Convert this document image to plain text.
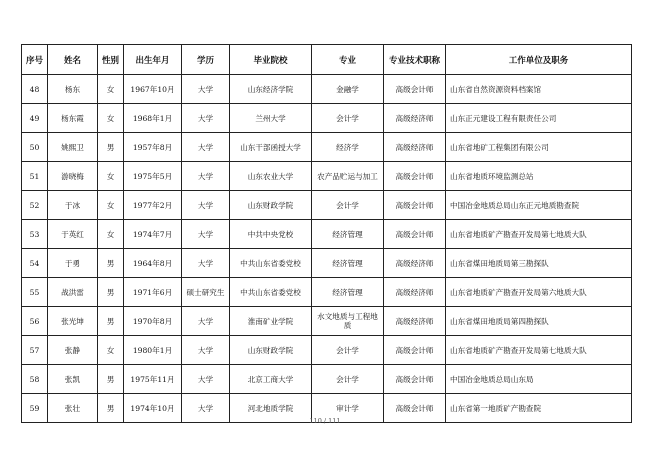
序号	姓名	性别	出生年月	学历	毕业院校	专业	专业技术职称	工作单位及职务
48	杨东	女	1967年10月	大学	山东经济学院	金融学	高级会计师	山东省自然资源资料档案馆
49	杨东霞	女	1968年1月	大学	兰州大学	会计学	高级经济师	山东正元建设工程有限责任公司
50	姚熙卫	男	1957年8月	大学	山东干部函授大学	经济学	高级经济师	山东省地矿工程集团有限公司
51	游晓梅	女	1975年5月	大学	山东农业大学	农产品贮运与加工	高级会计师	山东省地质环境监测总站
52	于冰	女	1977年2月	大学	山东财政学院	会计学	高级会计师	中国冶金地质总局山东正元地质勘查院
53	于英红	女	1974年7月	大学	中共中央党校	经济管理	高级会计师	山东省地质矿产勘查开发局第七地质大队
54	于勇	男	1964年8月	大学	中共山东省委党校	经济管理	高级经济师	山东省煤田地质局第三勘探队
55	战洪雷	男	1971年6月	硕士研究生	中共山东省委党校	经济管理	高级经济师	山东省地质矿产勘查开发局第六地质大队
56	张光坤	男	1970年8月	大学	淮南矿业学院	水文地质与工程地质	高级经济师	山东省煤田地质局第四勘探队
57	张静	女	1980年1月	大学	山东财政学院	会计学	高级会计师	山东省地质矿产勘查开发局第七地质大队
58	张凯	男	1975年11月	大学	北京工商大学	会计学	高级会计师	中国冶金地质总局山东局
59	张壮	男	1974年10月	大学	河北地质学院	审计学	高级会计师	山东省第一地质矿产勘查院
110 / 111
